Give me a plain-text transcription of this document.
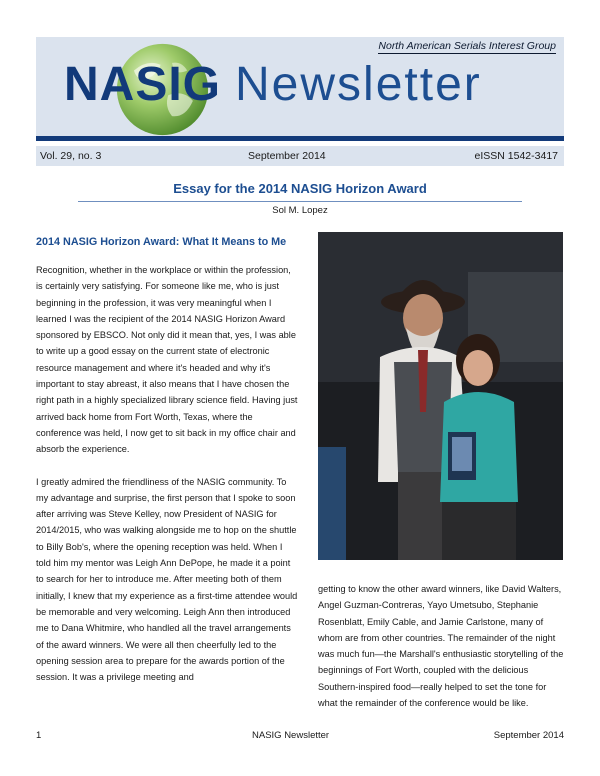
North American Serials Interest Group
NASIG Newsletter
Vol. 29, no. 3	September 2014	eISSN 1542-3417
Essay for the 2014 NASIG Horizon Award
Sol M. Lopez
2014 NASIG Horizon Award: What It Means to Me

Recognition, whether in the workplace or within the profession, is certainly very satisfying. For someone like me, who is just beginning in the profession, it was very meaningful when I learned I was the recipient of the 2014 NASIG Horizon Award sponsored by EBSCO. Not only did it mean that, yes, I was able to write up a good essay on the current state of electronic resource management and where it's headed and why it's important to stay abreast, it also means that I have chosen the right path in a highly specialized library science field. Having just arrived back home from Fort Worth, Texas, where the conference was held, I now get to sit back in my office chair and absorb the experience.

I greatly admired the friendliness of the NASIG community. To my advantage and surprise, the first person that I spoke to soon after arriving was Steve Kelley, now President of NASIG for 2014/2015, who was walking alongside me to hop on the shuttle to Billy Bob's, where the opening reception was held. When I told him my mentor was Leigh Ann DePope, he made it a point to search for her to introduce me. After meeting both of them initially, I knew that my experience as a first-time attendee would be memorable and very welcoming. Leigh Ann then introduced me to Dana Whitmire, who handled all the travel arrangements of the award winners. We were all then cheerfully led to the opening session area to prepare for the awards portion of the session. It was a privilege meeting and

getting to know the other award winners, like David Walters, Angel Guzman-Contreras, Yayo Umetsubo, Stephanie Rosenblatt, Emily Cable, and Jamie Carlstone, many of whom are from other countries. The remainder of the night was much fun—the Marshall's enthusiastic storytelling of the beginnings of Fort Worth, coupled with the delicious Southern-inspired food—really helped to set the tone for what the remainder of the conference would be like.

1	NASIG Newsletter	September 2014
